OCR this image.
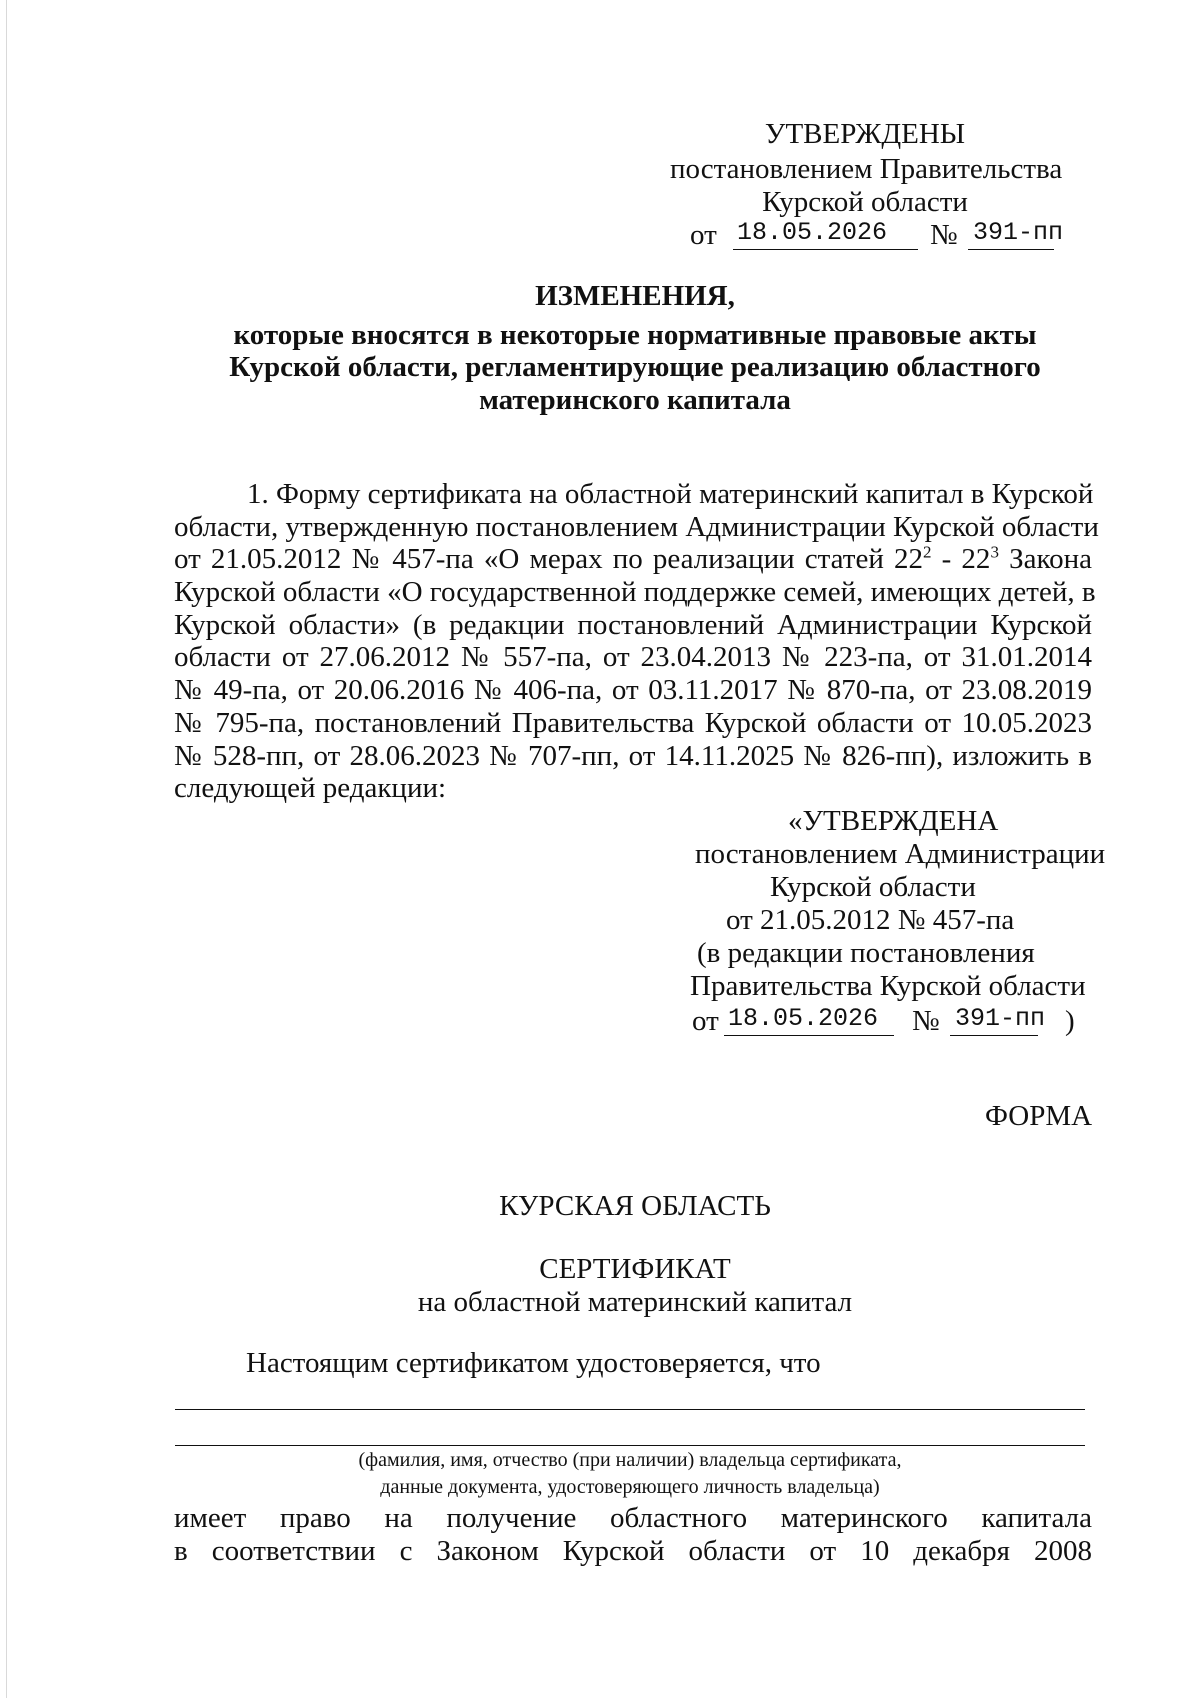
УТВЕРЖДЕНЫ
постановлением Правительства
Курской области
от 18.05.2026 № 391-пп
ИЗМЕНЕНИЯ,
которые вносятся в некоторые нормативные правовые акты
Курской области, регламентирующие реализацию областного
материнского капитала
1. Форму сертификата на областной материнский капитал в Курской
области, утвержденную постановлением Администрации Курской области
от 21.05.2012 № 457-па «О мерах по реализации статей $22^2 - 22^3$ Закона
Курской области «О государственной поддержке семей, имеющих детей, в
Курской области» (в редакции постановлений Администрации Курской
области от 27.06.2012 № 557-па, от 23.04.2013 № 223-па, от 31.01.2014
№ 49-па, от 20.06.2016 № 406-па, от 03.11.2017 № 870-па, от 23.08.2019
№ 795-па, постановлений Правительства Курской области от 10.05.2023
№ 528-пп, от 28.06.2023 № 707-пп, от 14.11.2025 № 826-пп), изложить в
следующей редакции:
«УТВЕРЖДЕНА
постановлением Администрации
Курской области
от 21.05.2012 № 457-па
(в редакции постановления
Правительства Курской области
от 18.05.2026 № 391-пп )
ФОРМА
КУРСКАЯ ОБЛАСТЬ
СЕРТИФИКАТ
на областной материнский капитал
Настоящим сертификатом удостоверяется, что
(фамилия, имя, отчество (при наличии) владельца сертификата,
данные документа, удостоверяющего личность владельца)
имеет право на получение областного материнского капитала
в соответствии с Законом Курской области от 10 декабря 2008
